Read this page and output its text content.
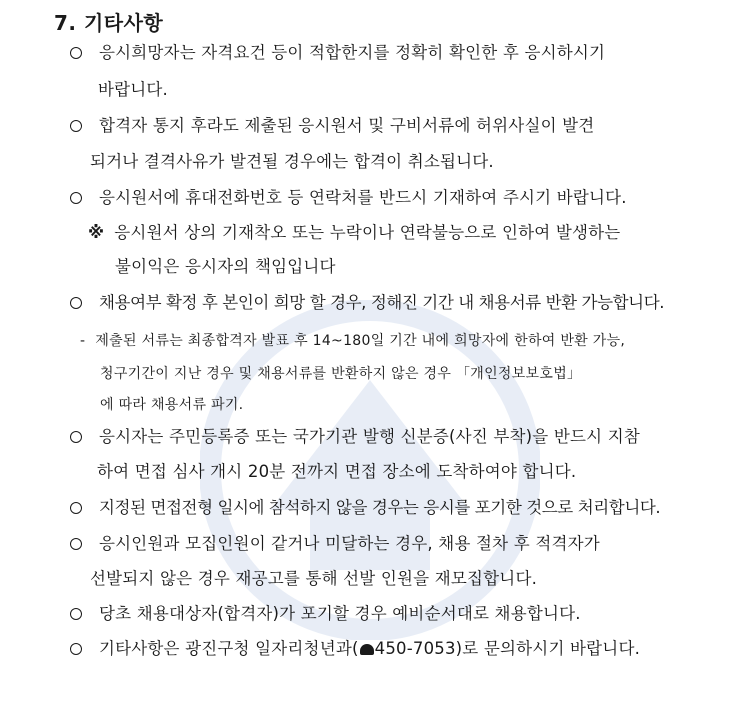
7. 기타사항
응시희망자는 자격요건 등이 적합한지를 정확히 확인한 후 응시하시기
바랍니다.
합격자 통지 후라도 제출된 응시원서 및 구비서류에 허위사실이 발견
되거나 결격사유가 발견될 경우에는 합격이 취소됩니다.
응시원서에 휴대전화번호 등 연락처를 반드시 기재하여 주시기 바랍니다.
※ 응시원서 상의 기재착오 또는 누락이나 연락불능으로 인하여 발생하는
불이익은 응시자의 책임입니다
채용여부 확정 후 본인이 희망 할 경우, 정해진 기간 내 채용서류 반환 가능합니다.
- 제출된 서류는 최종합격자 발표 후 14~180일 기간 내에 희망자에 한하여 반환 가능,
청구기간이 지난 경우 및 채용서류를 반환하지 않은 경우 「개인정보보호법」
에 따라 채용서류 파기.
응시자는 주민등록증 또는 국가기관 발행 신분증(사진 부착)을 반드시 지참
하여 면접 심사 개시 20분 전까지 면접 장소에 도착하여야 합니다.
지정된 면접전형 일시에 참석하지 않을 경우는 응시를 포기한 것으로 처리합니다.
응시인원과 모집인원이 같거나 미달하는 경우, 채용 절차 후 적격자가
선발되지 않은 경우 재공고를 통해 선발 인원을 재모집합니다.
당초 채용대상자(합격자)가 포기할 경우 예비순서대로 채용합니다.
기타사항은 광진구청 일자리청년과( 450-7053)로 문의하시기 바랍니다.
